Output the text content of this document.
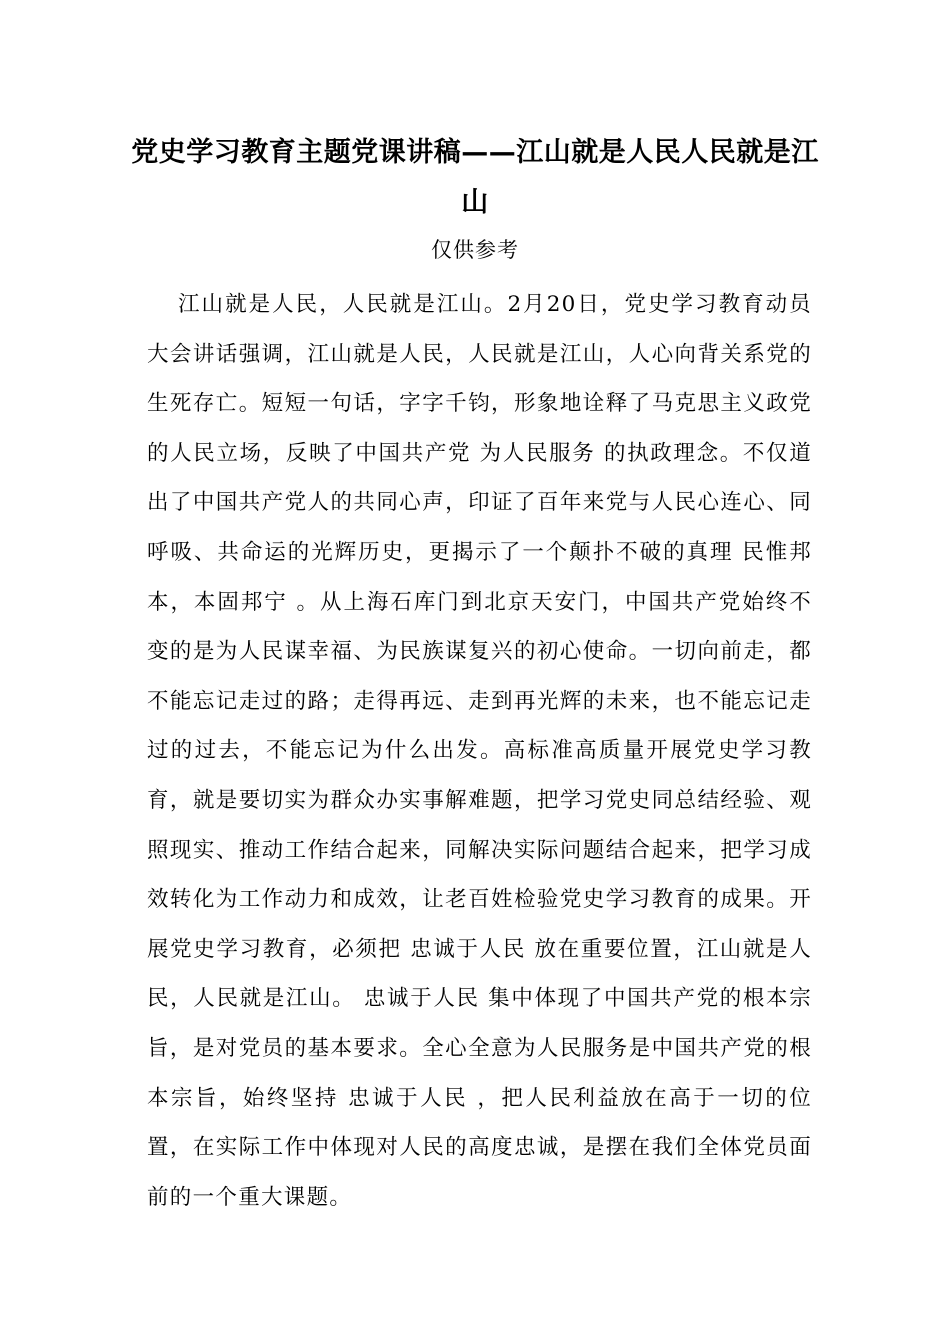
党史学习教育主题党课讲稿——江山就是人民人民就是江山
仅供参考

江山就是人民，人民就是江山。2月20日，党史学习教育动员大会讲话强调，江山就是人民，人民就是江山，人心向背关系党的生死存亡。短短一句话，字字千钧，形象地诠释了马克思主义政党的人民立场，反映了中国共产党 为人民服务 的执政理念。不仅道出了中国共产党人的共同心声，印证了百年来党与人民心连心、同呼吸、共命运的光辉历史，更揭示了一个颠扑不破的真理 民惟邦本，本固邦宁 。从上海石库门到北京天安门，中国共产党始终不变的是为人民谋幸福、为民族谋复兴的初心使命。一切向前走，都不能忘记走过的路；走得再远、走到再光辉的未来，也不能忘记走过的过去，不能忘记为什么出发。高标准高质量开展党史学习教育，就是要切实为群众办实事解难题，把学习党史同总结经验、观照现实、推动工作结合起来，同解决实际问题结合起来，把学习成效转化为工作动力和成效，让老百姓检验党史学习教育的成果。开展党史学习教育，必须把 忠诚于人民 放在重要位置，江山就是人民，人民就是江山。 忠诚于人民 集中体现了中国共产党的根本宗旨，是对党员的基本要求。全心全意为人民服务是中国共产党的根本宗旨，始终坚持 忠诚于人民 ，把人民利益放在高于一切的位置，在实际工作中体现对人民的高度忠诚，是摆在我们全体党员面前的一个重大课题。
